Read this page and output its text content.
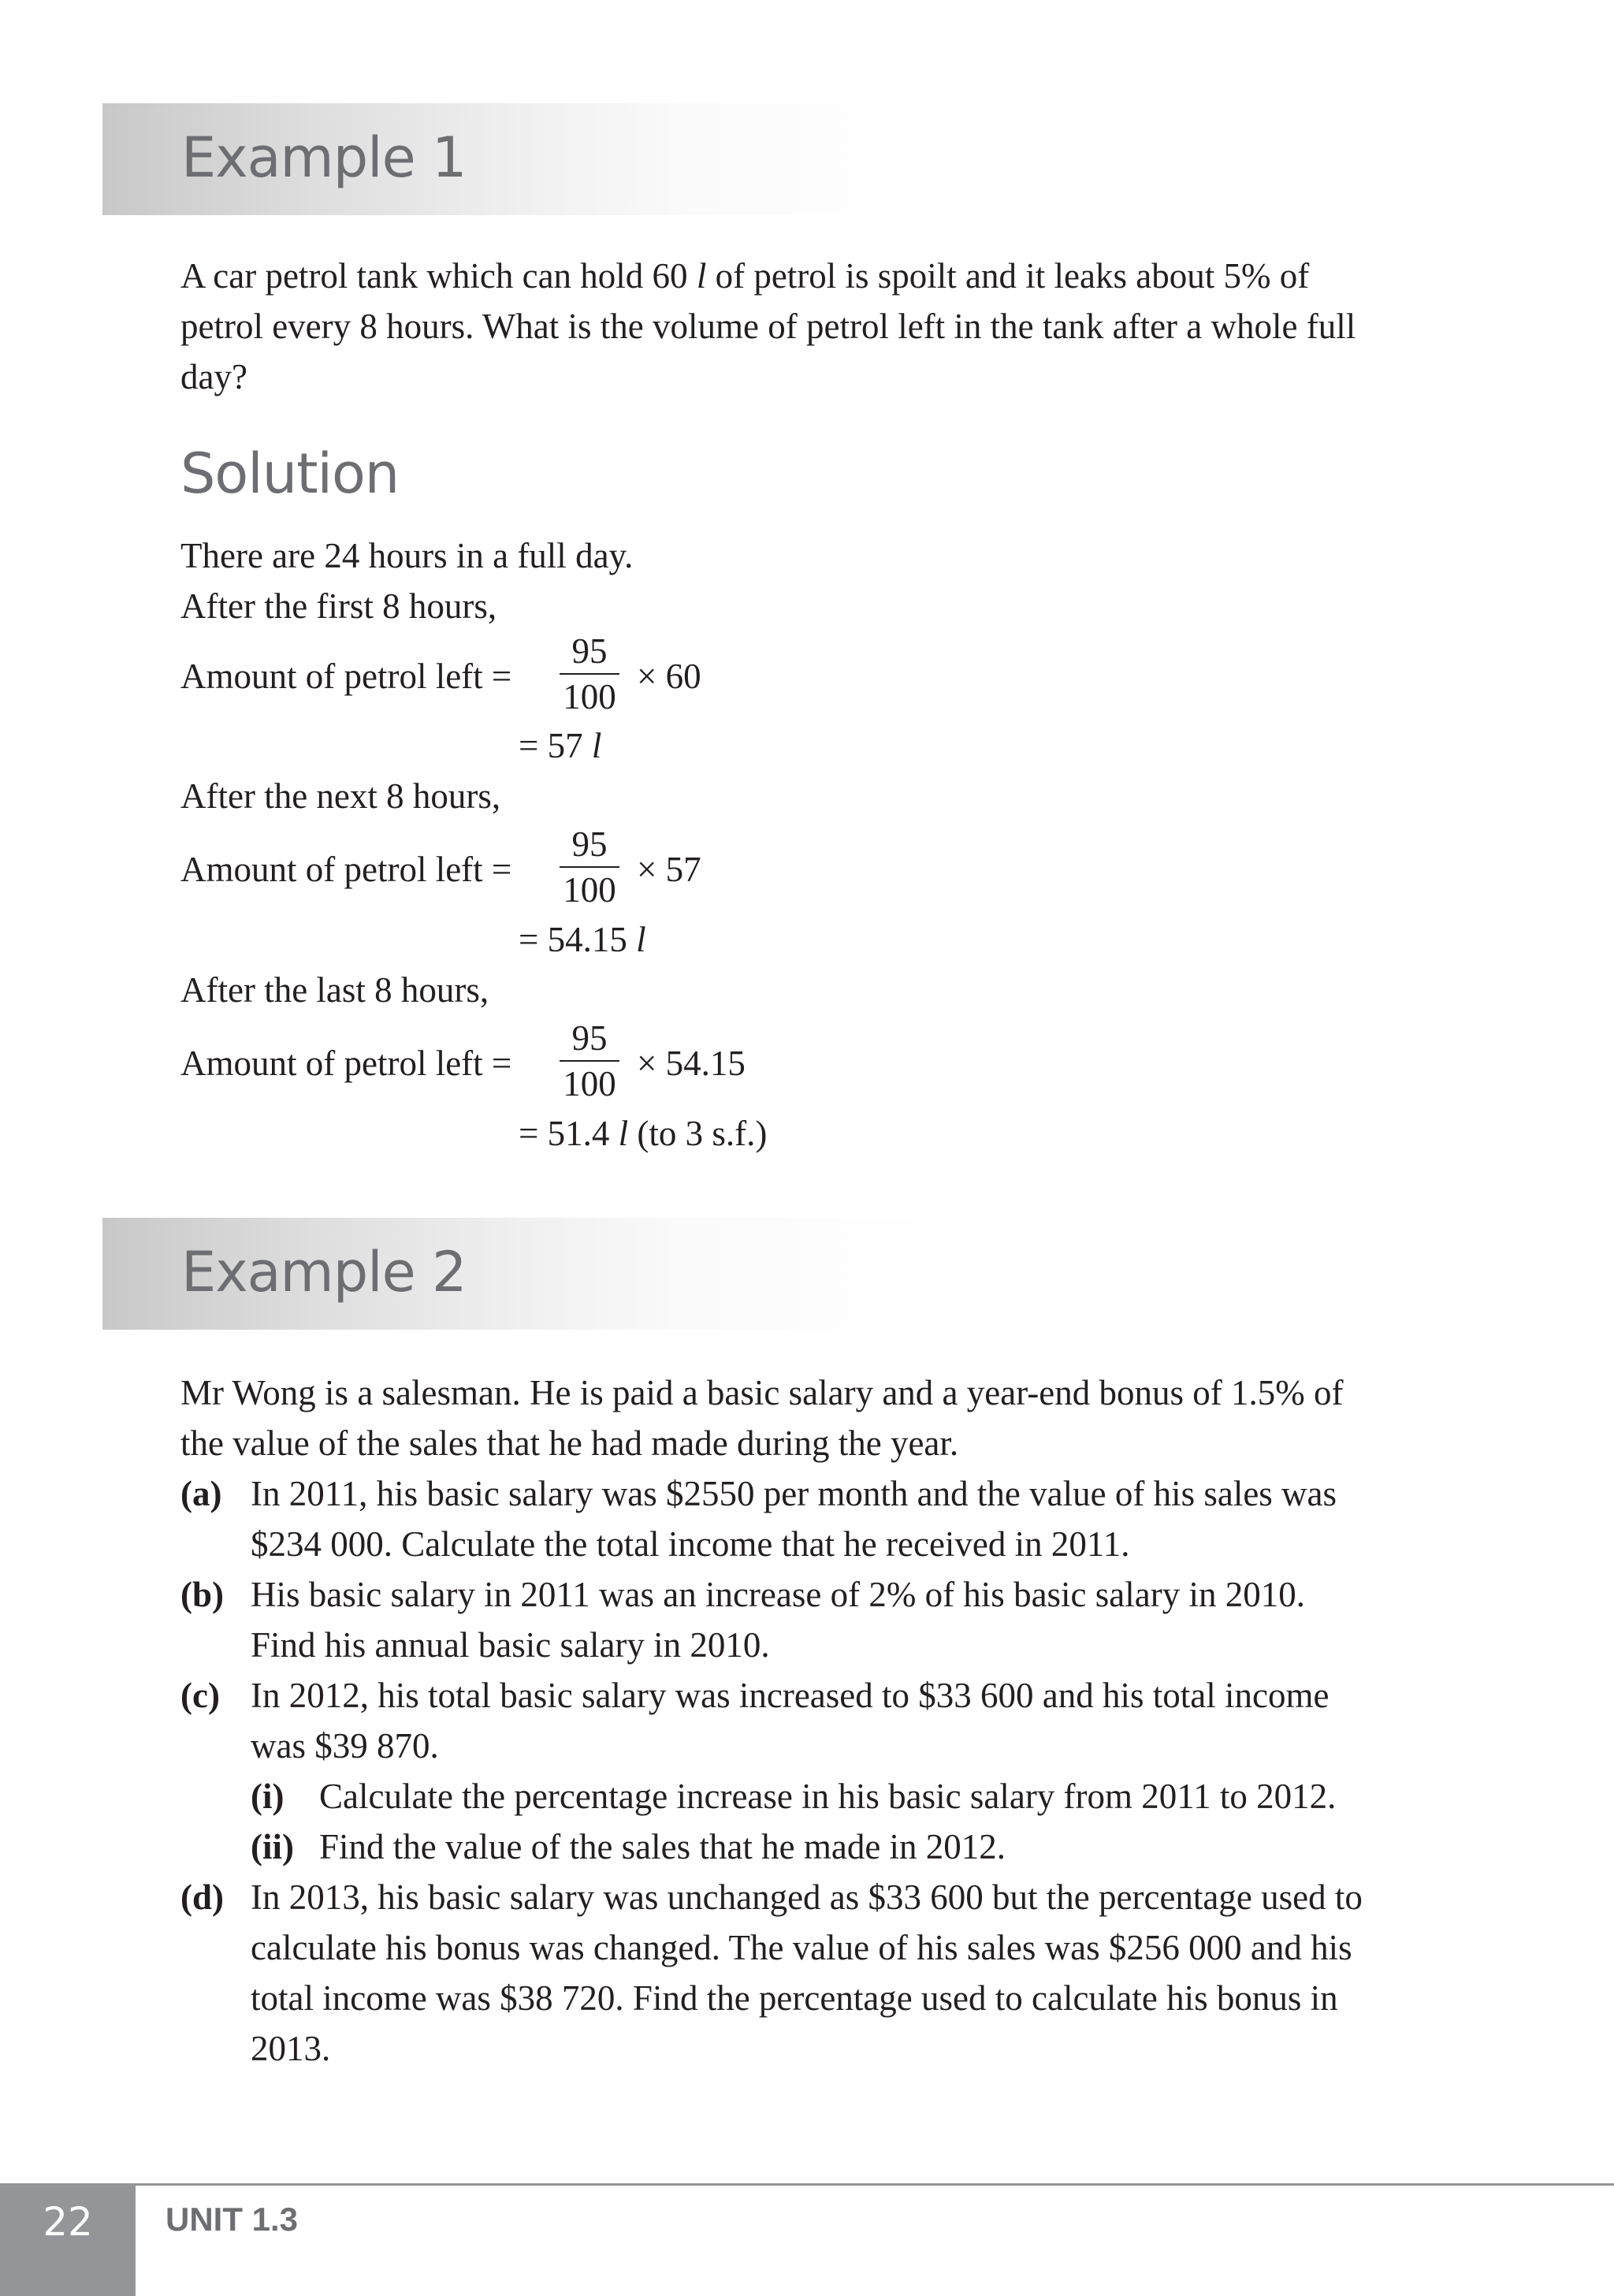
Example 1
A car petrol tank which can hold 60 l of petrol is spoilt and it leaks about 5% of
petrol every 8 hours. What is the volume of petrol left in the tank after a whole full
day?
Solution
There are 24 hours in a full day.
After the first 8 hours,
Amount of petrol left =
95
100
× 60
= 57 l
After the next 8 hours,
Amount of petrol left =
95
100
× 57
= 54.15 l
After the last 8 hours,
Amount of petrol left =
95
100
× 54.15
= 51.4 l (to 3 s.f.)
Example 2
Mr Wong is a salesman. He is paid a basic salary and a year-end bonus of 1.5% of
the value of the sales that he had made during the year.
(a) In 2011, his basic salary was $2550 per month and the value of his sales was
$234 000. Calculate the total income that he received in 2011.
(b) His basic salary in 2011 was an increase of 2% of his basic salary in 2010.
Find his annual basic salary in 2010.
(c) In 2012, his total basic salary was increased to $33 600 and his total income
was $39 870.
(i) Calculate the percentage increase in his basic salary from 2011 to 2012.
(ii) Find the value of the sales that he made in 2012.
(d) In 2013, his basic salary was unchanged as $33 600 but the percentage used to
calculate his bonus was changed. The value of his sales was $256 000 and his
total income was $38 720. Find the percentage used to calculate his bonus in
2013.
22	UNIT 1.3
